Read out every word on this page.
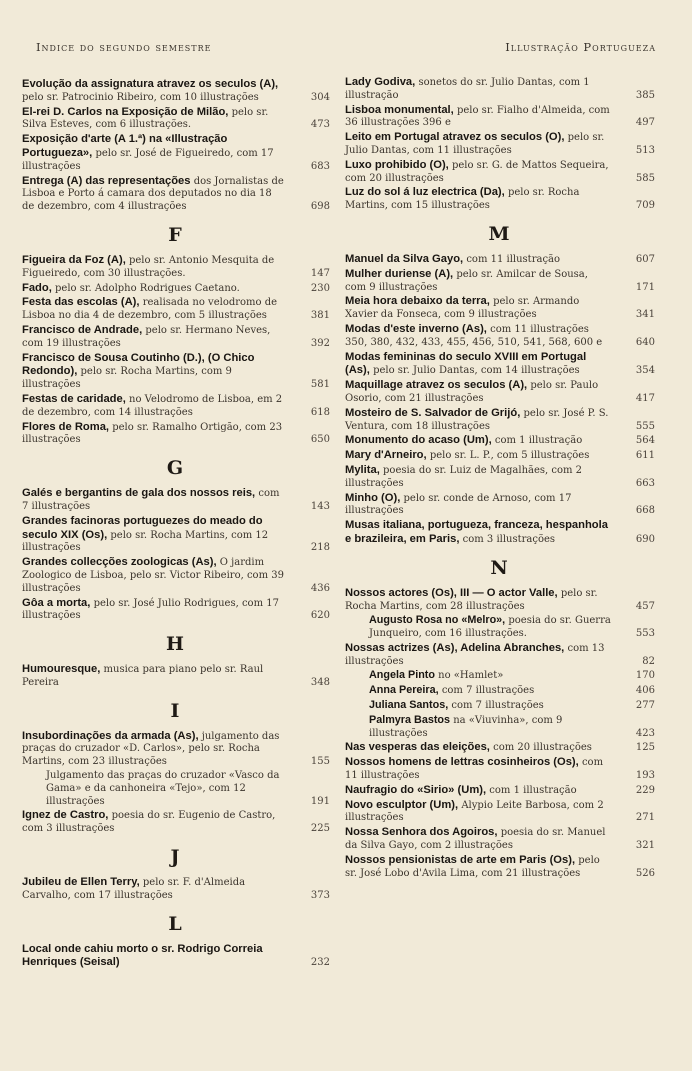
Indice do segundo semestre	Illustração Portugueza
Evolução da assignatura atravez os seculos (A), pelo sr. Patrocinio Ribeiro, com 10 illustrações	304
El-rei D. Carlos na Exposição de Milão, pelo sr. Silva Esteves, com 6 illustrações.	473
Exposição d'arte (A 1.ª) na «Illustração Portugueza», pelo sr. José de Figueiredo, com 17 illustrações	683
Entrega (A) das representações dos Jornalistas de Lisboa e Porto á camara dos deputados no dia 18 de dezembro, com 4 illustrações	698
F
Figueira da Foz (A), pelo sr. Antonio Mesquita de Figueiredo, com 30 illustrações.	147
Fado, pelo sr. Adolpho Rodrigues Caetano.	230
Festa das escolas (A), realisada no velodromo de Lisboa no dia 4 de dezembro, com 5 illustrações	381
Francisco de Andrade, pelo sr. Hermano Neves, com 19 illustrações	392
Francisco de Sousa Coutinho (D.), (O Chico Redondo), pelo sr. Rocha Martins, com 9 illustrações	581
Festas de caridade, no Velodromo de Lisboa, em 2 de dezembro, com 14 illustrações	618
Flores de Roma, pelo sr. Ramalho Ortigão, com 23 illustrações	650
G
Galés e bergantins de gala dos nossos reis, com 7 illustrações	143
Grandes facinoras portuguezes do meado do seculo XIX (Os), pelo sr. Rocha Martins, com 12 illustrações	218
Grandes collecções zoologicas (As), O jardim Zoologico de Lisboa, pelo sr. Victor Ribeiro, com 39 illustrações	436
Gôa a morta, pelo sr. José Julio Rodrigues, com 17 illustrações	620
H
Humouresque, musica para piano pelo sr. Raul Pereira	348
I
Insubordinações da armada (As), julgamento das praças do cruzador «D. Carlos», pelo sr. Rocha Martins, com 23 illustrações	155
Julgamento das praças do cruzador «Vasco da Gama» e da canhoneira «Tejo», com 12 illustrações	191
Ignez de Castro, poesia do sr. Eugenio de Castro, com 3 illustrações	225
J
Jubileu de Ellen Terry, pelo sr. F. d'Almeida Carvalho, com 17 illustrações	373
L
Local onde cahiu morto o sr. Rodrigo Correia Henriques (Seisal)	232
Lady Godiva, sonetos do sr. Julio Dantas, com 1 illustração	385
Lisboa monumental, pelo sr. Fialho d'Almeida, com 36 illustrações 396 e	497
Leito em Portugal atravez os seculos (O), pelo sr. Julio Dantas, com 11 illustrações	513
Luxo prohibido (O), pelo sr. G. de Mattos Sequeira, com 20 illustrações	585
Luz do sol á luz electrica (Da), pelo sr. Rocha Martins, com 15 illustrações	709
M
Manuel da Silva Gayo, com 11 illustração	607
Mulher duriense (A), pelo sr. Amilcar de Sousa, com 9 illustrações	171
Meia hora debaixo da terra, pelo sr. Armando Xavier da Fonseca, com 9 illustrações	341
Modas d'este inverno (As), com 11 illustrações 350, 380, 432, 433, 455, 456, 510, 541, 568, 600 e	640
Modas femininas do seculo XVIII em Portugal (As), pelo sr. Julio Dantas, com 14 illustrações	354
Maquillage atravez os seculos (A), pelo sr. Paulo Osorio, com 21 illustrações	417
Mosteiro de S. Salvador de Grijó, pelo sr. José P. S. Ventura, com 18 illustrações	555
Monumento do acaso (Um), com 1 illustração	564
Mary d'Arneiro, pelo sr. L. P., com 5 illustrações	611
Mylita, poesia do sr. Luiz de Magalhães, com 2 illustrações	663
Minho (O), pelo sr. conde de Arnoso, com 17 illustrações	668
Musas italiana, portugueza, franceza, hespanhola e brazileira, em Paris, com 3 illustrações	690
N
Nossos actores (Os), III — O actor Valle, pelo sr. Rocha Martins, com 28 illustrações	457
Augusto Rosa no «Melro», poesia do sr. Guerra Junqueiro, com 16 illustrações.	553
Nossas actrizes (As), Adelina Abranches, com 13 illustrações	82
Angela Pinto no «Hamlet»	170
Anna Pereira, com 7 illustrações	406
Juliana Santos, com 7 illustrações	277
Palmyra Bastos na «Viuvinha», com 9 illustrações	423
Nas vesperas das eleições, com 20 illustrações	125
Nossos homens de lettras cosinheiros (Os), com 11 illustrações	193
Naufragio do «Sirio» (Um), com 1 illustração	229
Novo esculptor (Um), Alypio Leite Barbosa, com 2 illustrações	271
Nossa Senhora dos Agoiros, poesia do sr. Manuel da Silva Gayo, com 2 illustrações	321
Nossos pensionistas de arte em Paris (Os), pelo sr. José Lobo d'Avila Lima, com 21 illustrações	526
